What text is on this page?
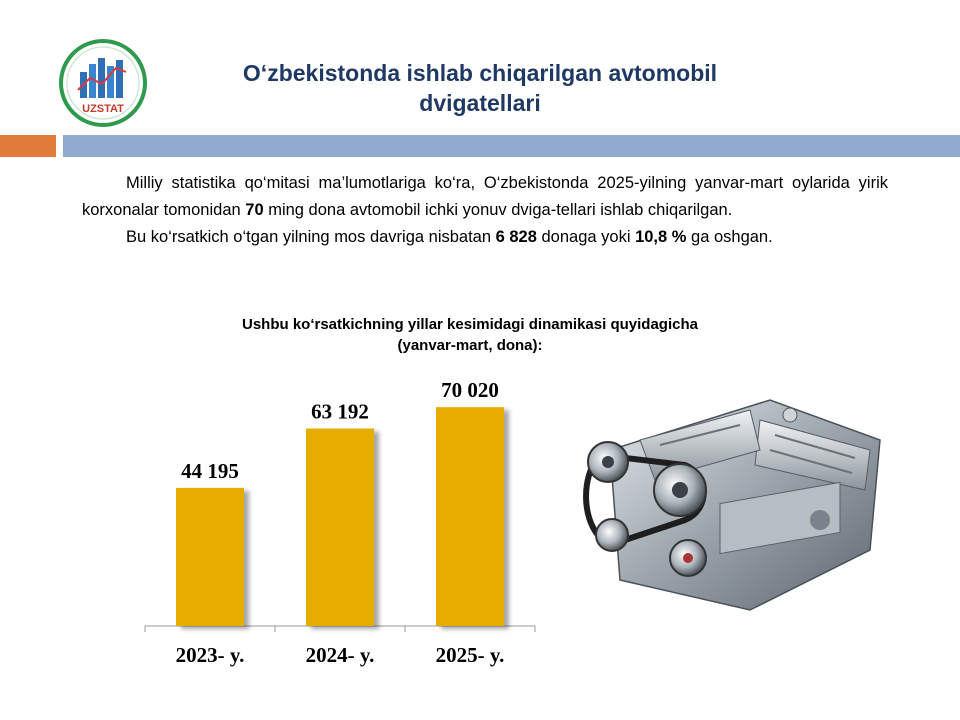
UZSTAT
O‘zbekistonda ishlab chiqarilgan avtomobil
dvigatellari

Milliy statistika qo‘mitasi ma’lumotlariga ko‘ra, O‘zbekistonda 2025-yilning yanvar-mart oylarida yirik korxonalar tomonidan 70 ming dona avtomobil ichki yonuv dviga-tellari ishlab chiqarilgan.

Bu ko‘rsatkich o‘tgan yilning mos davriga nisbatan 6 828 donaga yoki 10,8 % ga oshgan.

Ushbu ko‘rsatkichning yillar kesimidagi dinamikasi quyidagicha
(yanvar-mart, dona):
44 195
2023- y.
63 192
2024- y.
70 020
2025- y.
